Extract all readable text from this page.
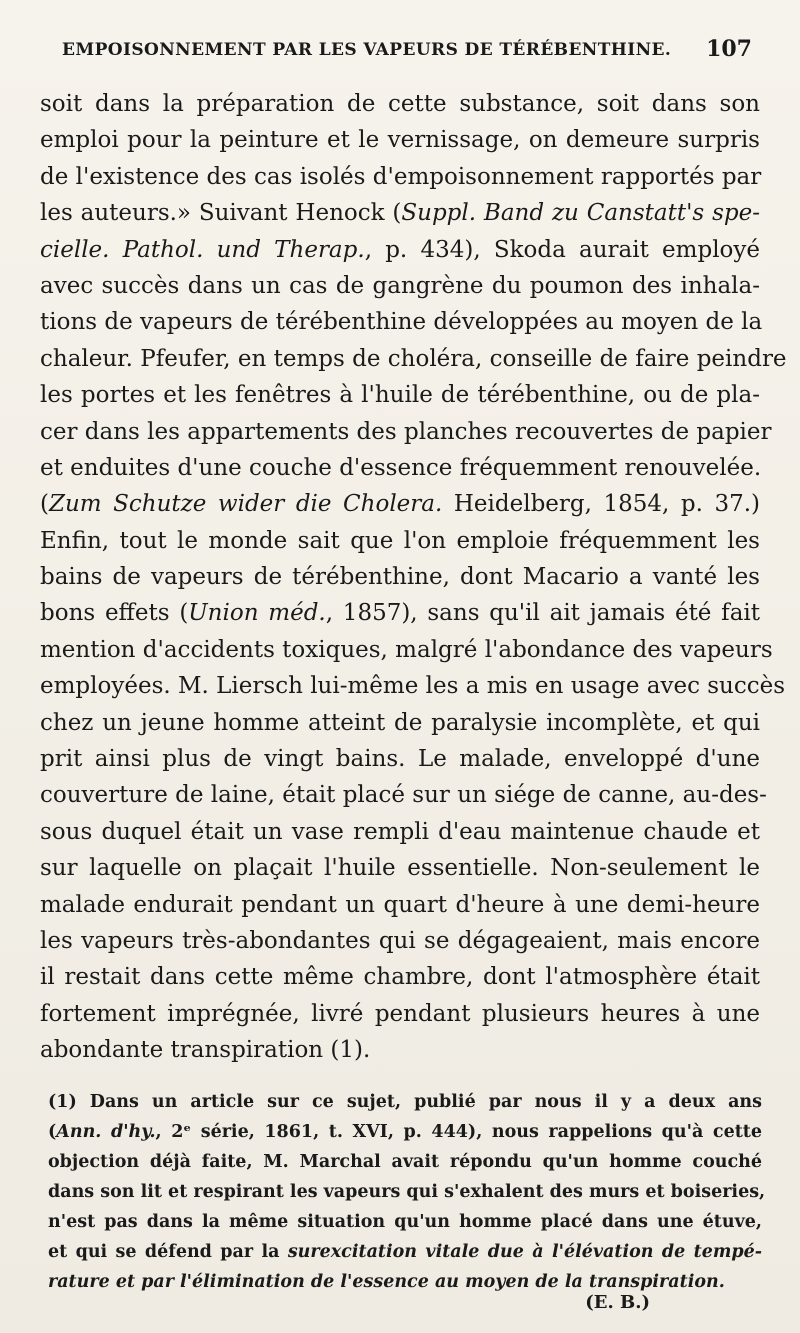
EMPOISONNEMENT PAR LES VAPEURS DE TÉRÉBENTHINE. 107
soit dans la préparation de cette substance, soit dans son
emploi pour la peinture et le vernissage, on demeure surpris
de l'existence des cas isolés d'empoisonnement rapportés par
les auteurs.» Suivant Henock (Suppl. Band zu Canstatt's spe-
cielle. Pathol. und Therap., p. 434), Skoda aurait employé
avec succès dans un cas de gangrène du poumon des inhala-
tions de vapeurs de térébenthine développées au moyen de la
chaleur. Pfeufer, en temps de choléra, conseille de faire peindre
les portes et les fenêtres à l'huile de térébenthine, ou de pla-
cer dans les appartements des planches recouvertes de papier
et enduites d'une couche d'essence fréquemment renouvelée.
(Zum Schutze wider die Cholera. Heidelberg, 1854, p. 37.)
Enfin, tout le monde sait que l'on emploie fréquemment les
bains de vapeurs de térébenthine, dont Macario a vanté les
bons effets (Union méd., 1857), sans qu'il ait jamais été fait
mention d'accidents toxiques, malgré l'abondance des vapeurs
employées. M. Liersch lui-même les a mis en usage avec succès
chez un jeune homme atteint de paralysie incomplète, et qui
prit ainsi plus de vingt bains. Le malade, enveloppé d'une
couverture de laine, était placé sur un siége de canne, au-des-
sous duquel était un vase rempli d'eau maintenue chaude et
sur laquelle on plaçait l'huile essentielle. Non-seulement le
malade endurait pendant un quart d'heure à une demi-heure
les vapeurs très-abondantes qui se dégageaient, mais encore
il restait dans cette même chambre, dont l'atmosphère était
fortement imprégnée, livré pendant plusieurs heures à une
abondante transpiration (1).
(1) Dans un article sur ce sujet, publié par nous il y a deux ans
(Ann. d'hy., 2ᵉ série, 1861, t. XVI, p. 444), nous rappelions qu'à cette
objection déjà faite, M. Marchal avait répondu qu'un homme couché
dans son lit et respirant les vapeurs qui s'exhalent des murs et boiseries,
n'est pas dans la même situation qu'un homme placé dans une étuve,
et qui se défend par la surexcitation vitale due à l'élévation de tempé-
rature et par l'élimination de l'essence au moyen de la transpiration.
(E. B.)
